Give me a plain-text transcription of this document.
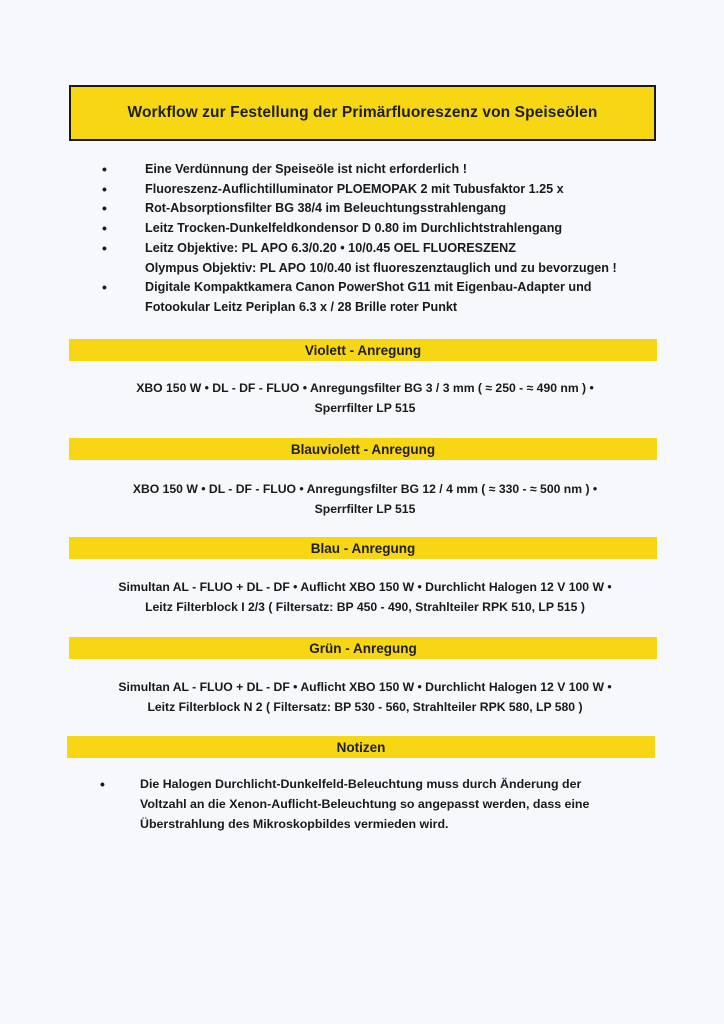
Workflow zur Festellung der Primärfluoreszenz von Speiseölen
•	Eine Verdünnung der Speiseöle ist nicht erforderlich !
•	Fluoreszenz-Auflichtilluminator PLOEMOPAK 2 mit Tubusfaktor 1.25 x
•	Rot-Absorptionsfilter BG 38/4 im Beleuchtungsstrahlengang
•	Leitz Trocken-Dunkelfeldkondensor D 0.80 im Durchlichtstrahlengang
•	Leitz Objektive: PL APO 6.3/0.20 • 10/0.45 OEL FLUORESZENZ
Olympus Objektiv: PL APO 10/0.40 ist fluoreszenztauglich und zu bevorzugen !
•	Digitale Kompaktkamera Canon PowerShot G11 mit Eigenbau-Adapter und
Fotookular Leitz Periplan 6.3 x / 28 Brille roter Punkt
Violett - Anregung
XBO 150 W • DL - DF - FLUO • Anregungsfilter BG 3 / 3 mm ( ≈ 250 - ≈ 490 nm ) •
Sperrfilter LP 515
Blauviolett - Anregung
XBO 150 W • DL - DF - FLUO • Anregungsfilter BG 12 / 4 mm ( ≈ 330 - ≈ 500 nm ) •
Sperrfilter LP 515
Blau - Anregung
Simultan AL - FLUO + DL - DF • Auflicht XBO 150 W • Durchlicht Halogen 12 V 100 W •
Leitz Filterblock I 2/3 ( Filtersatz: BP 450 - 490, Strahlteiler RPK 510, LP 515 )
Grün - Anregung
Simultan AL - FLUO + DL - DF • Auflicht XBO 150 W • Durchlicht Halogen 12 V 100 W •
Leitz Filterblock N 2 ( Filtersatz: BP 530 - 560, Strahlteiler RPK 580, LP 580 )
Notizen
•	Die Halogen Durchlicht-Dunkelfeld-Beleuchtung muss durch Änderung der
Voltzahl an die Xenon-Auflicht-Beleuchtung so angepasst werden, dass eine
Überstrahlung des Mikroskopbildes vermieden wird.
